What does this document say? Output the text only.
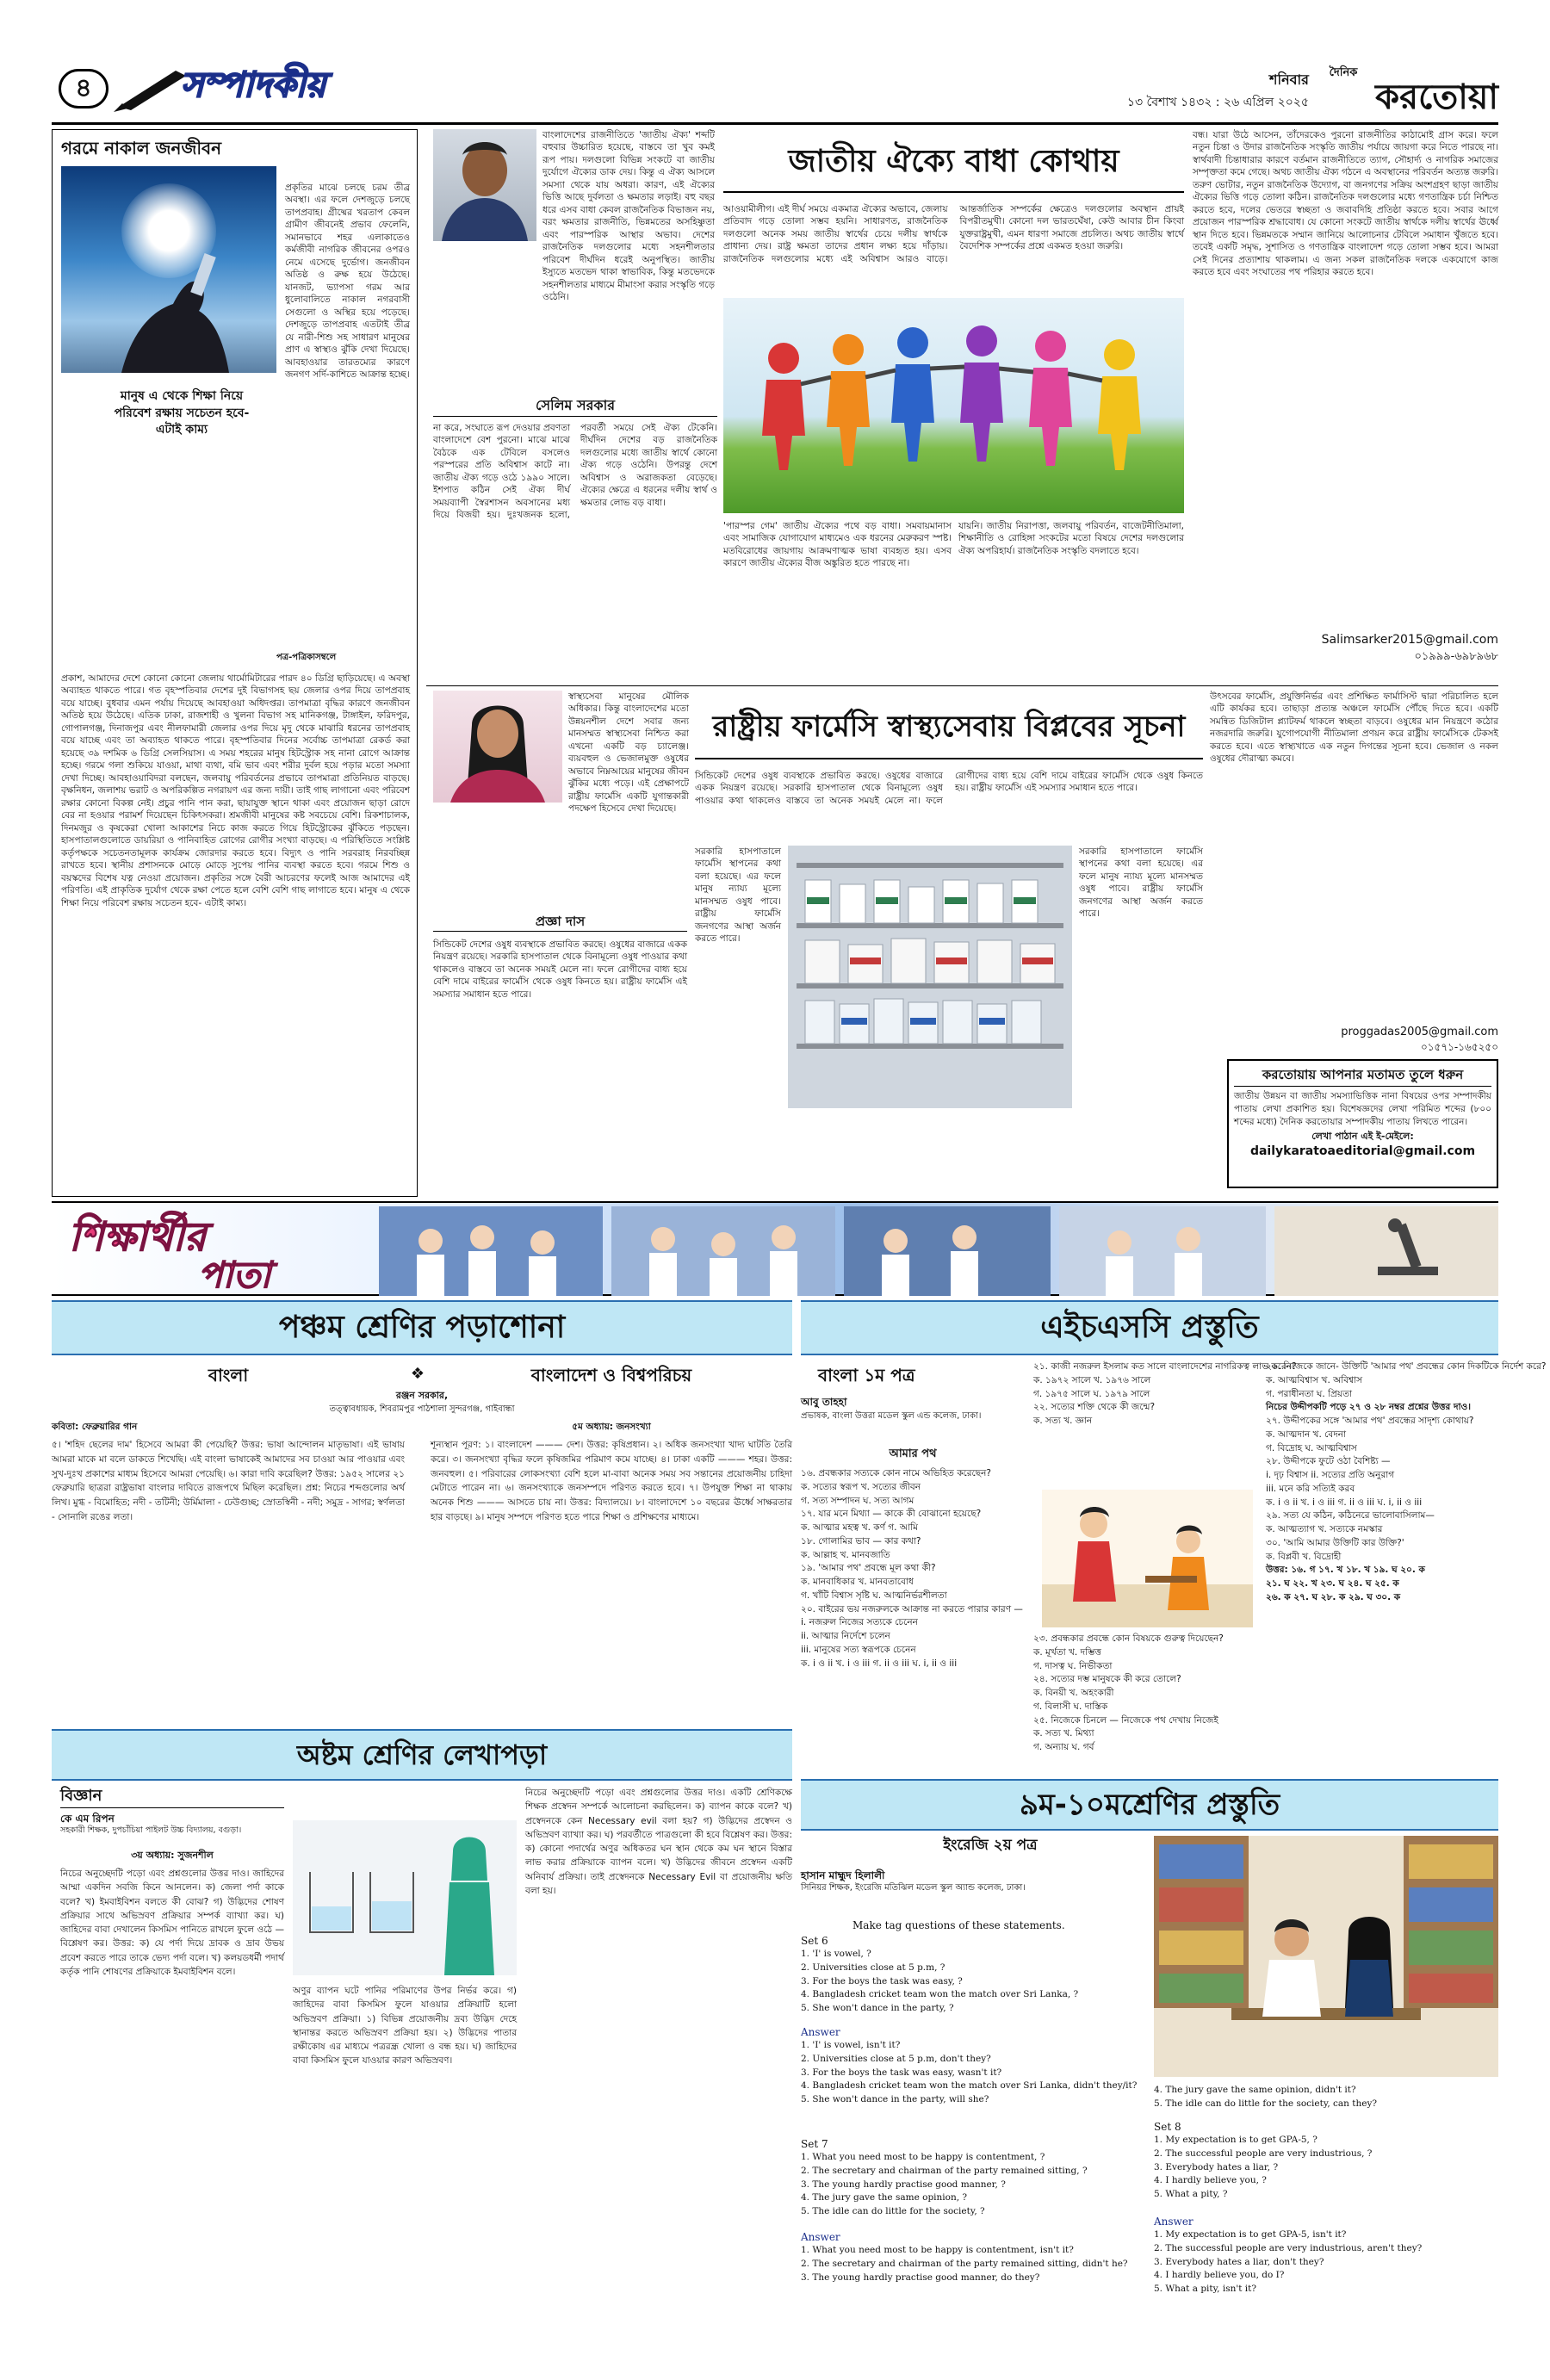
৪	সম্পাদকীয়	শনিবার
১৩ বৈশাখ ১৪৩২ : ২৬ এপ্রিল ২০২৫
দৈনিক
করতোয়া
গরমে নাকাল জনজীবন
প্রকৃতির মাঝে চলছে চরম তীব্র অবস্থা। এর ফলে দেশজুড়ে চলছে তাপপ্রবাহ। গ্রীষ্মের খরতাপ কেবল গ্রামীণ জীবনেই প্রভাব ফেলেনি, সমানভাবে শহর এলাকাতেও কর্মজীবী নাগরিক জীবনের ওপরও নেমে এসেছে দুর্ভোগ। জনজীবন অতিষ্ঠ ও রুক্ষ হয়ে উঠেছে। যানজট, ভ্যাপসা গরম আর ধুলোবালিতে নাকাল নগরবাসী সেগুলো ও অস্থির হয়ে পড়েছে। দেশজুড়ে তাপপ্রবাহ এতটাই তীব্র যে নারী-শিশু সহ সাধারণ মানুষের প্রাণ এ স্বাস্থ্যও ঝুঁকি দেখা দিয়েছে। আবহাওয়ার তারতম্যের কারণে জনগণ সর্দি-কাশিতে আক্রান্ত হচ্ছে।
মানুষ এ থেকে শিক্ষা নিয়ে পরিবেশ রক্ষায় সচেতন হবে- এটাই কাম্য
পত্র-পত্রিকাসম্বলে
প্রকাশ, আমাদের দেশে কোনো কোনো জেলায় থার্মোমিটারের পারদ ৪০ ডিগ্রি ছাড়িয়েছে। এ অবস্থা অব্যাহত থাকতে পারে। গত বৃহস্পতিবার দেশের দুই বিভাগসহ ছয় জেলার ওপর দিয়ে তাপপ্রবাহ বয়ে যাচ্ছে। বুধবার এমন পর্যায় দিয়েছে আবহাওয়া অধিদপ্তর। তাপমাত্রা বৃদ্ধির কারণে জনজীবন অতিষ্ঠ হয়ে উঠেছে। এতিক ঢাকা, রাজশাহী ও খুলনা বিভাগ সহ মানিকগঞ্জ, টাঙ্গাইল, ফরিদপুর, গোপালগঞ্জ, দিনাজপুর এবং নীলফামারী জেলার ওপর দিয়ে মৃদু থেকে মাঝারি ধরনের তাপপ্রবাহ বয়ে যাচ্ছে এবং তা অব্যাহত থাকতে পারে। বৃহস্পতিবার দিনের সর্বোচ্চ তাপমাত্রা রেকর্ড করা হয়েছে ৩৯ দশমিক ৬ ডিগ্রি সেলসিয়াস। এ সময় শহরের মানুষ হিটস্ট্রোক সহ নানা রোগে আক্রান্ত হচ্ছে। গরমে গলা শুকিয়ে যাওয়া, মাথা ব্যথা, বমি ভাব এবং শরীর দুর্বল হয়ে পড়ার মতো সমস্যা দেখা দিচ্ছে। আবহাওয়াবিদরা বলছেন, জলবায়ু পরিবর্তনের প্রভাবে তাপমাত্রা প্রতিনিয়ত বাড়ছে। বৃক্ষনিধন, জলাশয় ভরাট ও অপরিকল্পিত নগরায়ণ এর জন্য দায়ী। তাই গাছ লাগানো এবং পরিবেশ রক্ষার কোনো বিকল্প নেই। প্রচুর পানি পান করা, ছায়াযুক্ত স্থানে থাকা এবং প্রয়োজন ছাড়া রোদে বের না হওয়ার পরামর্শ দিয়েছেন চিকিৎসকরা। শ্রমজীবী মানুষের কষ্ট সবচেয়ে বেশি। রিকশাচালক, দিনমজুর ও কৃষকেরা খোলা আকাশের নিচে কাজ করতে গিয়ে হিটস্ট্রোকের ঝুঁকিতে পড়ছেন। হাসপাতালগুলোতে ডায়রিয়া ও পানিবাহিত রোগের রোগীর সংখ্যা বাড়ছে। এ পরিস্থিতিতে সংশ্লিষ্ট কর্তৃপক্ষকে সচেতনতামূলক কার্যক্রম জোরদার করতে হবে। বিদ্যুৎ ও পানি সরবরাহ নিরবচ্ছিন্ন রাখতে হবে। স্থানীয় প্রশাসনকে মোড়ে মোড়ে সুপেয় পানির ব্যবস্থা করতে হবে। গরমে শিশু ও বয়স্কদের বিশেষ যত্ন নেওয়া প্রয়োজন। প্রকৃতির সঙ্গে বৈরী আচরণের ফলেই আজ আমাদের এই পরিণতি। এই প্রাকৃতিক দুর্যোগ থেকে রক্ষা পেতে হলে বেশি বেশি গাছ লাগাতে হবে। মানুষ এ থেকে শিক্ষা নিয়ে পরিবেশ রক্ষায় সচেতন হবে- এটাই কাম্য।
বাংলাদেশের রাজনীতিতে 'জাতীয় ঐক্য' শব্দটি বহুবার উচ্চারিত হয়েছে, বাস্তবে তা খুব কমই রূপ পায়। দলগুলো বিভিন্ন সংকটে বা জাতীয় দুর্যোগে ঐক্যের ডাক দেয়। কিন্তু এ ঐক্য আসলে সমস্যা থেকে যায় অধরা। কারণ, এই ঐক্যের ভিত্তি আছে দুর্বলতা ও ক্ষমতার লড়াই। বহু বছর ধরে এসব বাধা কেবল রাজনৈতিক বিভাজন নয়, বরং ক্ষমতার রাজনীতি, ভিন্নমতের অসহিষ্ণুতা এবং পারস্পরিক আস্থার অভাব। দেশের রাজনৈতিক দলগুলোর মধ্যে সহনশীলতার পরিবেশ দীর্ঘদিন ধরেই অনুপস্থিত। জাতীয় ইস্যুতে মতভেদ থাকা স্বাভাবিক, কিন্তু মতভেদকে সহনশীলতার মাধ্যমে মীমাংসা করার সংস্কৃতি গড়ে ওঠেনি।
জাতীয় ঐক্যে বাধা কোথায়
আওয়ামীলীগ। এই দীর্ঘ সময়ে একমাত্র ঐক্যের অভাবে, জেলায় প্রতিবাদ গড়ে তোলা সম্ভব হয়নি। সাধারণত, রাজনৈতিক দলগুলো অনেক সময় জাতীয় স্বার্থের চেয়ে দলীয় স্বার্থকে প্রাধান্য দেয়। রাষ্ট্র ক্ষমতা তাদের প্রধান লক্ষ্য হয়ে দাঁড়ায়। রাজনৈতিক দলগুলোর মধ্যে এই অবিশ্বাস আরও বাড়ে। আন্তর্জাতিক সম্পর্কের ক্ষেত্রেও দলগুলোর অবস্থান প্রায়ই বিপরীতমুখী। কোনো দল ভারতঘেঁষা, কেউ আবার চীন কিংবা যুক্তরাষ্ট্রমুখী, এমন ধারণা সমাজে প্রচলিত। অথচ জাতীয় স্বার্থে বৈদেশিক সম্পর্কের প্রশ্নে একমত হওয়া জরুরি।
বন্ধ। যারা উঠে আসেন, তাঁদেরকেও পুরনো রাজনীতির কাঠামোই গ্রাস করে। ফলে নতুন চিন্তা ও উদার রাজনৈতিক সংস্কৃতি জাতীয় পর্যায়ে জায়গা করে নিতে পারছে না। স্বার্থবাদী চিন্তাধারার কারণে বর্তমান রাজনীতিতে ত্যাগ, সৌহার্দ্য ও নাগরিক সমাজের সম্পৃক্ততা কমে গেছে। অথচ জাতীয় ঐক্য গঠনে এ অবস্থানের পরিবর্তন অত্যন্ত জরুরি। তরুণ ভোটার, নতুন রাজনৈতিক উদ্যোগ, বা জনগণের সক্রিয় অংশগ্রহণ ছাড়া জাতীয় ঐক্যের ভিত্তি গড়ে তোলা কঠিন। রাজনৈতিক দলগুলোর মধ্যে গণতান্ত্রিক চর্চা নিশ্চিত করতে হবে, দলের ভেতরে স্বচ্ছতা ও জবাবদিহি প্রতিষ্ঠা করতে হবে। সবার আগে প্রয়োজন পারস্পরিক শ্রদ্ধাবোধ। যে কোনো সংকটে জাতীয় স্বার্থকে দলীয় স্বার্থের ঊর্ধ্বে স্থান দিতে হবে। ভিন্নমতকে সম্মান জানিয়ে আলোচনার টেবিলে সমাধান খুঁজতে হবে। তবেই একটি সমৃদ্ধ, সুশাসিত ও গণতান্ত্রিক বাংলাদেশ গড়ে তোলা সম্ভব হবে। আমরা সেই দিনের প্রত্যাশায় থাকলাম। এ জন্য সকল রাজনৈতিক দলকে একযোগে কাজ করতে হবে এবং সংঘাতের পথ পরিহার করতে হবে।
সেলিম সরকার
না করে, সংঘাতে রূপ দেওয়ার প্রবণতা বাংলাদেশে বেশ পুরনো। মাঝে মাঝে বৈঠকে এক টেবিলে বসলেও পরস্পরের প্রতি অবিশ্বাস কাটে না। জাতীয় ঐক্য গড়ে ওঠে ১৯৯০ সালে। ইশপাত কঠিন সেই ঐক্য দীর্ঘ সময়ব্যাপী স্বৈরশাসন অবসানের মধ্য দিয়ে বিজয়ী হয়। দুঃখজনক হলো, পরবর্তী সময়ে সেই ঐক্য টেকেনি। দীর্ঘদিন দেশের বড় রাজনৈতিক দলগুলোর মধ্যে জাতীয় স্বার্থে কোনো ঐক্য গড়ে ওঠেনি। উপরন্তু দেশে অবিশ্বাস ও অরাজকতা বেড়েছে। ঐক্যের ক্ষেত্রে এ ধরনের দলীয় স্বার্থ ও ক্ষমতার লোভ বড় বাধা।
'পারস্পর গেম' জাতীয় ঐক্যের পথে বড় বাধা। সমবায়মানাস এবং সামাজিক যোগাযোগ মাধ্যমেও এক ধরনের মেরুকরণ স্পষ্ট। মতবিরোধের জায়গায় আক্রমণাত্মক ভাষা ব্যবহৃত হয়। এসব কারণে জাতীয় ঐক্যের বীজ অঙ্কুরিত হতে পারছে না।
যায়নি। জাতীয় নিরাপত্তা, জলবায়ু পরিবর্তন, বাজেটনীতিমালা, শিক্ষানীতি ও রোহিঙ্গা সংকটের মতো বিষয়ে দেশের দলগুলোর ঐক্য অপরিহার্য। রাজনৈতিক সংস্কৃতি বদলাতে হবে।
Salimsarker2015@gmail.com
০১৯৯৯-৬৯৮৯৬৮
স্বাস্থ্যসেবা মানুষের মৌলিক অধিকার। কিন্তু বাংলাদেশের মতো উন্নয়নশীল দেশে সবার জন্য মানসম্মত স্বাস্থ্যসেবা নিশ্চিত করা এখনো একটি বড় চ্যালেঞ্জ। ব্যয়বহুল ও ভেজালমুক্ত ওষুধের অভাবে নিম্নআয়ের মানুষের জীবন ঝুঁকির মধ্যে পড়ে। এই প্রেক্ষাপটে রাষ্ট্রীয় ফার্মেসি একটি যুগান্তকারী পদক্ষেপ হিসেবে দেখা দিয়েছে।
রাষ্ট্রীয় ফার্মেসি স্বাস্থ্যসেবায় বিপ্লবের সূচনা
সিন্ডিকেট দেশের ওষুধ ব্যবস্থাকে প্রভাবিত করছে। ওষুধের বাজারে একক নিয়ন্ত্রণ রয়েছে। সরকারি হাসপাতাল থেকে বিনামূল্যে ওষুধ পাওয়ার কথা থাকলেও বাস্তবে তা অনেক সময়ই মেলে না। ফলে রোগীদের বাধ্য হয়ে বেশি দামে বাইরের ফার্মেসি থেকে ওষুধ কিনতে হয়। রাষ্ট্রীয় ফার্মেসি এই সমস্যার সমাধান হতে পারে।
প্রজ্ঞা দাস
সরকারি হাসপাতালে ফার্মেসি স্থাপনের কথা বলা হয়েছে। এর ফলে মানুষ ন্যায্য মূল্যে মানসম্মত ওষুধ পাবে। রাষ্ট্রীয় ফার্মেসি জনগণের আস্থা অর্জন করতে পারে।
সরকারি হাসপাতালে ফার্মেসি স্থাপনের কথা বলা হয়েছে। এর ফলে মানুষ ন্যায্য মূল্যে মানসম্মত ওষুধ পাবে। রাষ্ট্রীয় ফার্মেসি জনগণের আস্থা অর্জন করতে পারে।
উৎসবের ফার্মেসি, প্রযুক্তিনির্ভর এবং প্রশিক্ষিত ফার্মাসিস্ট দ্বারা পরিচালিত হলে এটি কার্যকর হবে। তাছাড়া প্রত্যন্ত অঞ্চলে ফার্মেসি পৌঁছে দিতে হবে। একটি সমন্বিত ডিজিটাল প্ল্যাটফর্ম থাকলে স্বচ্ছতা বাড়বে। ওষুধের মান নিয়ন্ত্রণে কঠোর নজরদারি জরুরি। যুগোপযোগী নীতিমালা প্রণয়ন করে রাষ্ট্রীয় ফার্মেসিকে টেকসই করতে হবে। এতে স্বাস্থ্যখাতে এক নতুন দিগন্তের সূচনা হবে। ভেজাল ও নকল ওষুধের দৌরাত্ম্য কমবে।
proggadas2005@gmail.com
০১৫৭১-১৬৫২৫০
করতোয়ায় আপনার মতামত তুলে ধরুন
জাতীয় উন্নয়ন বা জাতীয় সমস্যাভিত্তিক নানা বিষয়ের ওপর সম্পাদকীয় পাতায় লেখা প্রকাশিত হয়। বিশেষজ্ঞদের লেখা পরিমিত শব্দের (৮০০ শব্দের মধ্যে) দৈনিক করতোয়ার সম্পাদকীয় পাতায় লিখতে পারেন।
লেখা পাঠান এই ই-মেইলে:
dailykaratoaeditorial@gmail.com
সিন্ডিকেট দেশের ওষুধ ব্যবস্থাকে প্রভাবিত করছে। ওষুধের বাজারে একক নিয়ন্ত্রণ রয়েছে। সরকারি হাসপাতাল থেকে বিনামূল্যে ওষুধ পাওয়ার কথা থাকলেও বাস্তবে তা অনেক সময়ই মেলে না। ফলে রোগীদের বাধ্য হয়ে বেশি দামে বাইরের ফার্মেসি থেকে ওষুধ কিনতে হয়। রাষ্ট্রীয় ফার্মেসি এই সমস্যার সমাধান হতে পারে।
শিক্ষার্থীর
পাতা
পঞ্চম শ্রেণির পড়াশোনা
বাংলা	❖	বাংলাদেশ ও বিশ্বপরিচয়
রঞ্জন সরকার,
তত্ত্বাবধায়ক, শিবরামপুর পাঠশালা সুন্দরগঞ্জ, গাইবান্ধা
কবিতা: ফেব্রুয়ারির গান	৫ম অধ্যায়: জনসংখ্যা
৫। 'শহিদ ছেলের দাম' হিসেবে আমরা কী পেয়েছি? উত্তর: ভাষা আন্দোলন মাতৃভাষা। এই ভাষায় আমরা মাকে মা বলে ডাকতে শিখেছি। এই বাংলা ভাষাকেই আমাদের সব চাওয়া আর পাওয়ার এবং সুখ-দুঃখ প্রকাশের মাধ্যম হিসেবে আমরা পেয়েছি। ৬। কারা দাবি করেছিল? উত্তর: ১৯৫২ সালের ২১ ফেব্রুয়ারি ছাত্ররা রাষ্ট্রভাষা বাংলার দাবিতে রাজপথে মিছিল করেছিল। প্রশ্ন: নিচের শব্দগুলোর অর্থ লিখ। মুগ্ধ - বিমোহিত; নদী - তটিনী; উর্মিমালা - ঢেউগুচ্ছ; স্রোতস্বিনী - নদী; সমুদ্র - সাগর; স্বর্ণলতা - সোনালি রঙের লতা।
শূন্যস্থান পূরণ: ১। বাংলাদেশ ——— দেশ। উত্তর: কৃষিপ্রধান। ২। অধিক জনসংখ্যা খাদ্য ঘাটতি তৈরি করে। ৩। জনসংখ্যা বৃদ্ধির ফলে কৃষিজমির পরিমাণ কমে যাচ্ছে। ৪। ঢাকা একটি ——— শহর। উত্তর: জনবহুল। ৫। পরিবারের লোকসংখ্যা বেশি হলে মা-বাবা অনেক সময় সব সন্তানের প্রয়োজনীয় চাহিদা মেটাতে পারেন না। ৬। জনসংখ্যাকে জনসম্পদে পরিণত করতে হবে। ৭। উপযুক্ত শিক্ষা না থাকায় অনেক শিশু ——— আসতে চায় না। উত্তর: বিদ্যালয়ে। ৮। বাংলাদেশে ১০ বছরের ঊর্ধ্বে সাক্ষরতার হার বাড়ছে। ৯। মানুষ সম্পদে পরিণত হতে পারে শিক্ষা ও প্রশিক্ষণের মাধ্যমে।
এইচএসসি প্রস্তুতি
বাংলা ১ম পত্র
আবু তাহহা
প্রভাষক, বাংলা উত্তরা মডেল স্কুল এন্ড কলেজ, ঢাকা।
আমার পথ
১৬. প্রবন্ধকার সত্যকে কোন নামে অভিহিত করেছেন?
ক. সত্যের স্বরূপ খ. সত্যের জীবন
গ. সত্য সম্পাদন ঘ. সত্য আগম
১৭. যার মনে মিথ্যা — কাকে কী বোঝানো হয়েছে?
ক. আত্মার মহত্ব খ. কর্ণ গ. আমি
১৮. গোলামির ভাব — কার কথা?
ক. আল্লাহ খ. মানবজাতি
১৯. 'আমার পথ' প্রবন্ধে মূল কথা কী?
ক. মানবাধিকার খ. মানবতাবোধ
গ. খাঁটি বিশ্বাস সৃষ্টি ঘ. আত্মনির্ভরশীলতা
২০. বাইরের ভয় নজরুলকে আক্রান্ত না করতে পারার কারণ —
i. নজরুল নিজের সত্যকে চেনেন
ii. আত্মার নির্দেশে চলেন
iii. মানুষের সত্য স্বরূপকে চেনেন
ক. i ও ii খ. i ও iii গ. ii ও iii ঘ. i, ii ও iii
২১. কাজী নজরুল ইসলাম কত সালে বাংলাদেশের নাগরিকত্ব লাভ করেন?
ক. ১৯৭২ সালে খ. ১৯৭৬ সালে
গ. ১৯৭৫ সালে ঘ. ১৯৭৯ সালে
২২. সত্যের শক্তি থেকে কী জন্মে?
ক. সত্য খ. জ্ঞান
২৩. প্রবন্ধকার প্রবন্ধে কোন বিষয়কে গুরুত্ব দিয়েছেন?
ক. মূর্খতা খ. দম্ভিত্ত
গ. দাসত্ব ঘ. নিভীকতা
২৪. সত্যের দম্ভ মানুষকে কী করে তোলে?
ক. বিনয়ী খ. অহংকারী
গ. বিলাসী ঘ. দাস্তিক
২৫. নিজেকে চিনলে — নিজেকে পথ দেখায় নিজেই
ক. সত্য খ. মিথ্যা
গ. অন্যায় ঘ. গর্ব
২৬. নিজেকে জানে- উক্তিটি 'আমার পথ' প্রবন্ধের কোন দিকটিকে নির্দেশ করে?
ক. আত্মবিশ্বাস খ. অবিশ্বাস
গ. পরাধীনতা ঘ. প্রিয়তা
নিচের উদ্দীপকটি পড়ে ২৭ ও ২৮ নম্বর প্রশ্নের উত্তর দাও।
২৭. উদ্দীপকের সঙ্গে 'আমার পথ' প্রবন্ধের সাদৃশ্য কোথায়?
ক. আত্মদান খ. বেদনা
গ. বিদ্রোহ ঘ. আত্মবিশ্বাস
২৮. উদ্দীপকে ফুটে ওঠা বৈশিষ্ট্য —
i. দৃঢ় বিশ্বাস ii. সত্যের প্রতি অনুরাগ
iii. মনে করি সত্যিই করব
ক. i ও ii খ. i ও iii গ. ii ও iii ঘ. i, ii ও iii
২৯. সত্য যে কঠিন, কঠিনেরে ভালোবাসিলাম—
ক. আত্মত্যাগ খ. সত্যকে নমস্কার
৩০. 'আমি আমার উক্তিটি কার উক্তি?'
ক. বিপ্লবী খ. বিদ্রোহী
উত্তর: ১৬. গ ১৭. খ ১৮. খ ১৯. ঘ ২০. ক
২১. ঘ ২২. খ ২৩. ঘ ২৪. ঘ ২৫. ক
২৬. ক ২৭. ঘ ২৮. ক ২৯. ঘ ৩০. ক
অষ্টম শ্রেণির লেখাপড়া
বিজ্ঞান
কে এম রিপন
সহকারী শিক্ষক, দুপচাঁচিয়া পাইলট উচ্চ বিদ্যালয়, বগুড়া।
৩য় অধ্যায়: সুজনশীল
নিচের অনুচ্ছেদটি পড়ো এবং প্রশ্নগুলোর উত্তর দাও। জাহিদের আম্মা একদিন সবজি কিনে আনলেন। ক) জেলা পর্দা কাকে বলে? খ) ইমবাইবিশন বলতে কী বোঝ? গ) উদ্ভিদের শোষণ প্রক্রিয়ার সাথে অভিস্রবণ প্রক্রিয়ার সম্পর্ক ব্যাখ্যা কর। ঘ) জাহিদের বাবা দেখালেন কিসমিস পানিতে রাখলে ফুলে ওঠে — বিশ্লেষণ কর। উত্তর: ক) যে পর্দা দিয়ে দ্রাবক ও দ্রাব উভয় প্রবেশ করতে পারে তাকে ভেদ্য পর্দা বলে। খ) কলয়ডধর্মী পদার্থ কর্তৃক পানি শোষণের প্রক্রিয়াকে ইমবাইবিশন বলে।
অণুর ব্যাপন ঘটে পানির পরিমাণের উপর নির্ভর করে। গ) জাহিদের বাবা কিসমিস ফুলে যাওয়ার প্রক্রিয়াটি হলো অভিস্রবণ প্রক্রিয়া। ১) বিভিন্ন প্রয়োজনীয় দ্রব্য উদ্ভিদ দেহে স্থানান্তর করতে অভিস্রবণ প্রক্রিয়া হয়। ২) উদ্ভিদের পাতার রক্ষীকোষ এর মাধ্যমে পত্ররন্ধ্র খোলা ও বন্ধ হয়। ঘ) জাহিদের বাবা কিসমিস ফুলে যাওয়ার কারণ অভিস্রবণ।
নিচের অনুচ্ছেদটি পড়ো এবং প্রশ্নগুলোর উত্তর দাও। একটি শ্রেণিকক্ষে শিক্ষক প্রস্বেদন সম্পর্কে আলোচনা করছিলেন। ক) ব্যাপন কাকে বলে? খ) প্রস্বেদনকে কেন Necessary evil বলা হয়? গ) উদ্ভিদের প্রস্বেদন ও অভিস্রবণ ব্যাখ্যা কর। ঘ) পরবর্তীতে পাত্রগুলো কী হবে বিশ্লেষণ কর। উত্তর: ক) কোনো পদার্থের অণুর অধিকতর ঘন স্থান থেকে কম ঘন স্থানে বিস্তার লাভ করার প্রক্রিয়াকে ব্যাপন বলে। খ) উদ্ভিদের জীবনে প্রস্বেদন একটি অনিবার্য প্রক্রিয়া। তাই প্রস্বেদনকে Necessary Evil বা প্রয়োজনীয় ক্ষতি বলা হয়।
৯ম-১০মশ্রেণির প্রস্তুতি
ইংরেজি ২য় পত্র
হাসান মাহ্মুদ হিলালী
সিনিয়র শিক্ষক, ইংরেজি মতিঝিল মডেল স্কুল অ্যান্ড কলেজ, ঢাকা।
Make tag questions of these statements.
Set 6
1. 'I' is vowel, ?
2. Universities close at 5 p.m, ?
3. For the boys the task was easy, ?
4. Bangladesh cricket team won the match over Sri Lanka, ?
5. She won't dance in the party, ?
Answer
1. 'I' is vowel, isn't it?
2. Universities close at 5 p.m, don't they?
3. For the boys the task was easy, wasn't it?
4. Bangladesh cricket team won the match over Sri Lanka, didn't they/it?
5. She won't dance in the party, will she?
Set 7
1. What you need most to be happy is contentment, ?
2. The secretary and chairman of the party remained sitting, ?
3. The young hardly practise good manner, ?
4. The jury gave the same opinion, ?
5. The idle can do little for the society, ?
Answer
1. What you need most to be happy is contentment, isn't it?
2. The secretary and chairman of the party remained sitting, didn't he?
3. The young hardly practise good manner, do they?
4. The jury gave the same opinion, didn't it?
5. The idle can do little for the society, can they?
Set 8
1. My expectation is to get GPA-5, ?
2. The successful people are very industrious, ?
3. Everybody hates a liar, ?
4. I hardly believe you, ?
5. What a pity, ?
Answer
1. My expectation is to get GPA-5, isn't it?
2. The successful people are very industrious, aren't they?
3. Everybody hates a liar, don't they?
4. I hardly believe you, do I?
5. What a pity, isn't it?
